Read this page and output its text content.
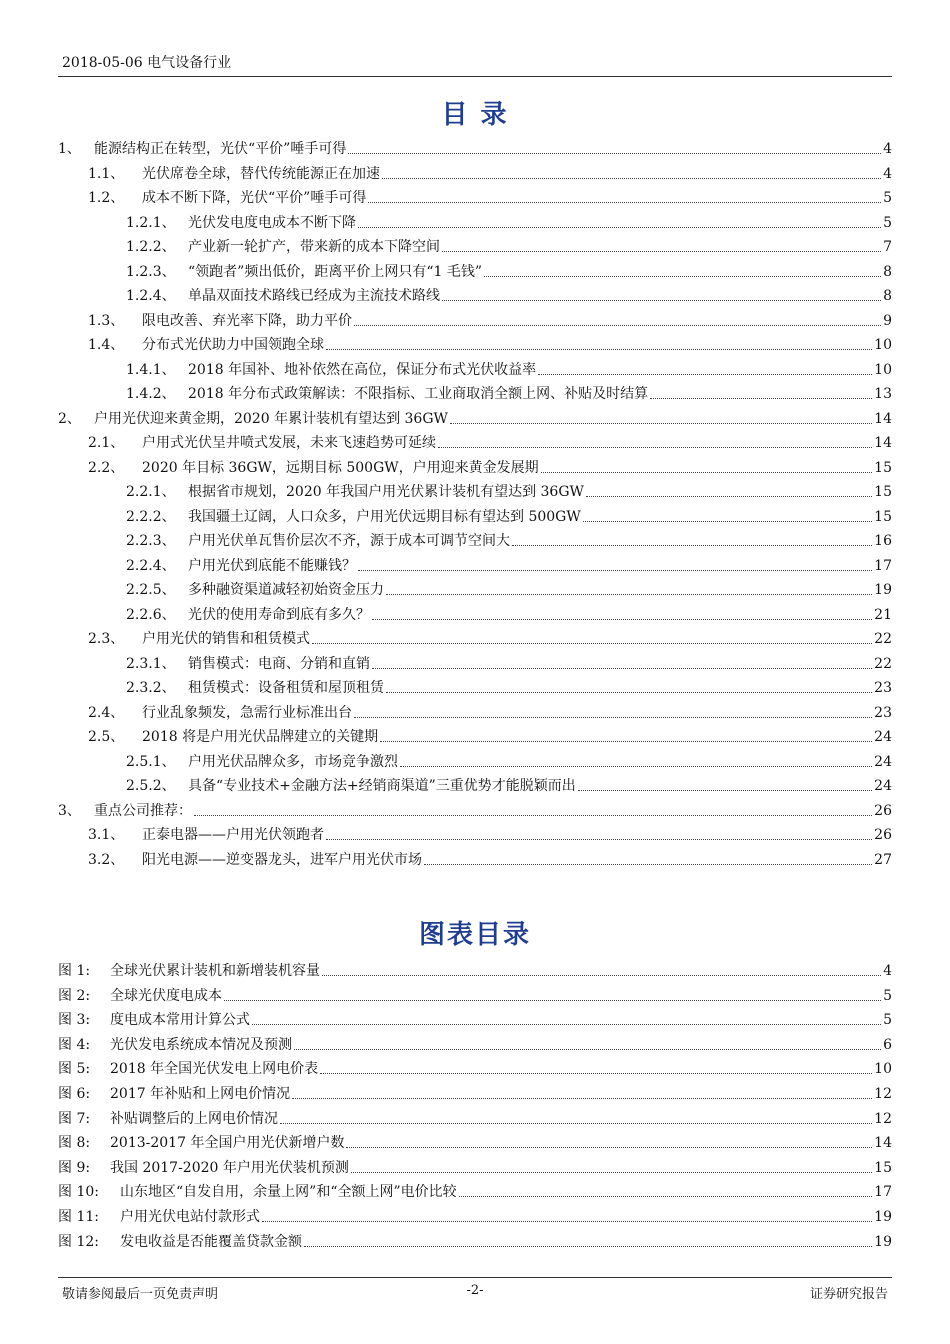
2018-05-06 电气设备行业
目 录
1、 能源结构正在转型，光伏“平价”唾手可得	4
1.1、	光伏席卷全球，替代传统能源正在加速	4
1.2、	成本不断下降，光伏“平价”唾手可得	5
1.2.1、 光伏发电度电成本不断下降	5
1.2.2、 产业新一轮扩产，带来新的成本下降空间	7
1.2.3、 “领跑者”频出低价，距离平价上网只有“1 毛钱”	8
1.2.4、 单晶双面技术路线已经成为主流技术路线	8
1.3、	限电改善、弃光率下降，助力平价	9
1.4、	分布式光伏助力中国领跑全球	10
1.4.1、 2018 年国补、地补依然在高位，保证分布式光伏收益率	10
1.4.2、 2018 年分布式政策解读：不限指标、工业商取消全额上网、补贴及时结算	13
2、 户用光伏迎来黄金期，2020 年累计装机有望达到 36GW	14
2.1、	户用式光伏呈井喷式发展，未来飞速趋势可延续	14
2.2、	2020 年目标 36GW，远期目标 500GW，户用迎来黄金发展期	15
2.2.1、 根据省市规划，2020 年我国户用光伏累计装机有望达到 36GW	15
2.2.2、 我国疆土辽阔，人口众多，户用光伏远期目标有望达到 500GW	15
2.2.3、 户用光伏单瓦售价层次不齐，源于成本可调节空间大	16
2.2.4、 户用光伏到底能不能赚钱？	17
2.2.5、 多种融资渠道减轻初始资金压力	19
2.2.6、 光伏的使用寿命到底有多久？	21
2.3、	户用光伏的销售和租赁模式	22
2.3.1、 销售模式：电商、分销和直销	22
2.3.2、 租赁模式：设备租赁和屋顶租赁	23
2.4、	行业乱象频发，急需行业标准出台	23
2.5、	2018 将是户用光伏品牌建立的关键期	24
2.5.1、 户用光伏品牌众多，市场竞争激烈	24
2.5.2、 具备“专业技术+金融方法+经销商渠道”三重优势才能脱颖而出	24
3、 重点公司推荐：	26
3.1、	正泰电器——户用光伏领跑者	26
3.2、	阳光电源——逆变器龙头，进军户用光伏市场	27
图表目录
图 1:	全球光伏累计装机和新增装机容量	4
图 2:	全球光伏度电成本	5
图 3:	度电成本常用计算公式	5
图 4:	光伏发电系统成本情况及预测	6
图 5:	2018 年全国光伏发电上网电价表	10
图 6:	2017 年补贴和上网电价情况	12
图 7:	补贴调整后的上网电价情况	12
图 8:	2013-2017 年全国户用光伏新增户数	14
图 9:	我国 2017-2020 年户用光伏装机预测	15
图 10:	山东地区“自发自用，余量上网”和“全额上网”电价比较	17
图 11:	户用光伏电站付款形式	19
图 12:	发电收益是否能覆盖贷款金额	19
敬请参阅最后一页免责声明	-2-	证券研究报告
